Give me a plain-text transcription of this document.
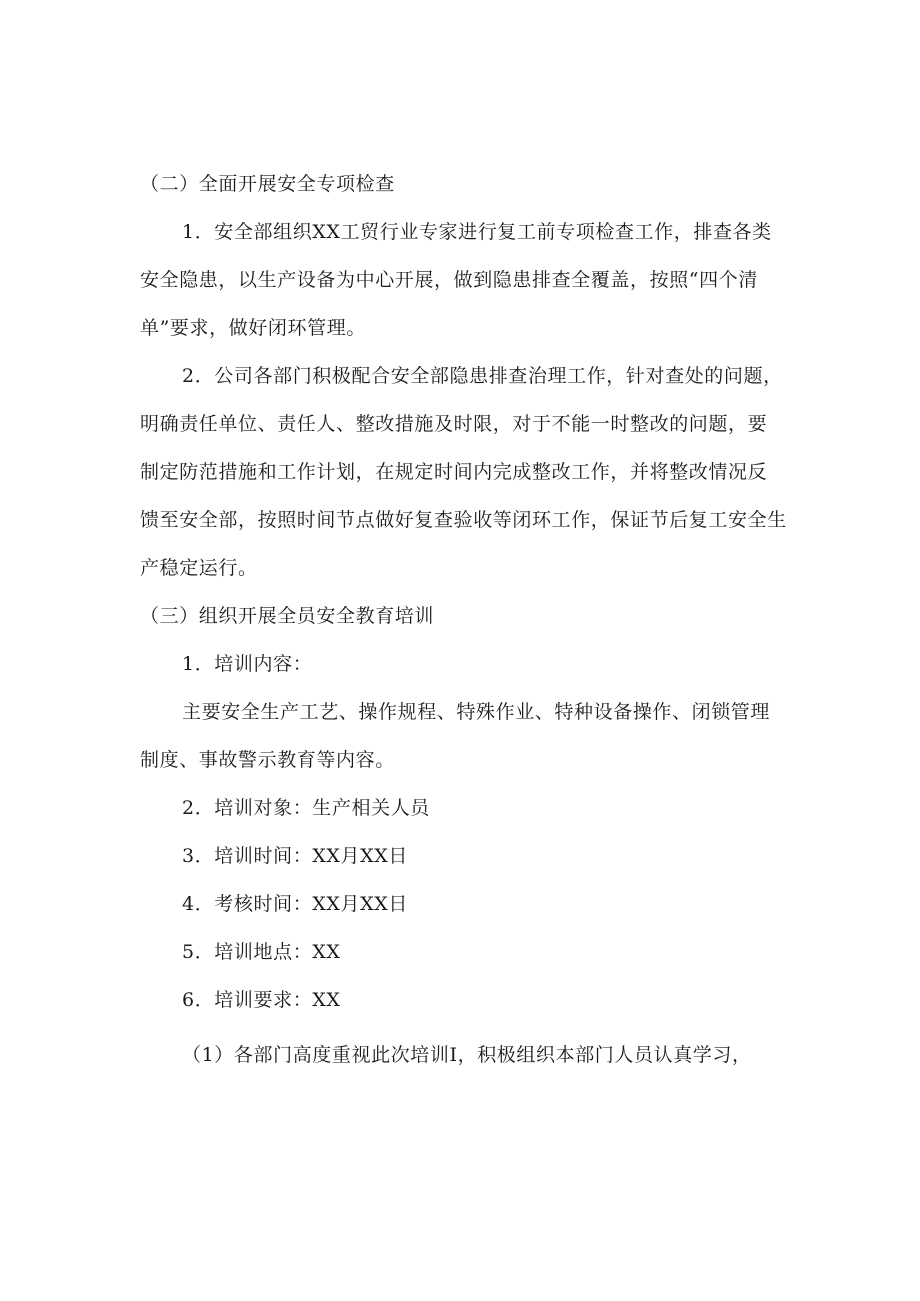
（二）全面开展安全专项检查
1．安全部组织XX工贸行业专家进行复工前专项检查工作，排查各类
安全隐患，以生产设备为中心开展，做到隐患排查全覆盖，按照“四个清
单”要求，做好闭环管理。
2．公司各部门积极配合安全部隐患排查治理工作，针对查处的问题，
明确责任单位、责任人、整改措施及时限，对于不能一时整改的问题，要
制定防范措施和工作计划，在规定时间内完成整改工作，并将整改情况反
馈至安全部，按照时间节点做好复查验收等闭环工作，保证节后复工安全生
产稳定运行。
（三）组织开展全员安全教育培训
1．培训内容：
主要安全生产工艺、操作规程、特殊作业、特种设备操作、闭锁管理
制度、事故警示教育等内容。
2．培训对象：生产相关人员
3．培训时间：XX月XX日
4．考核时间：XX月XX日
5．培训地点：XX
6．培训要求：XX
（1）各部门高度重视此次培训I，积极组织本部门人员认真学习，
